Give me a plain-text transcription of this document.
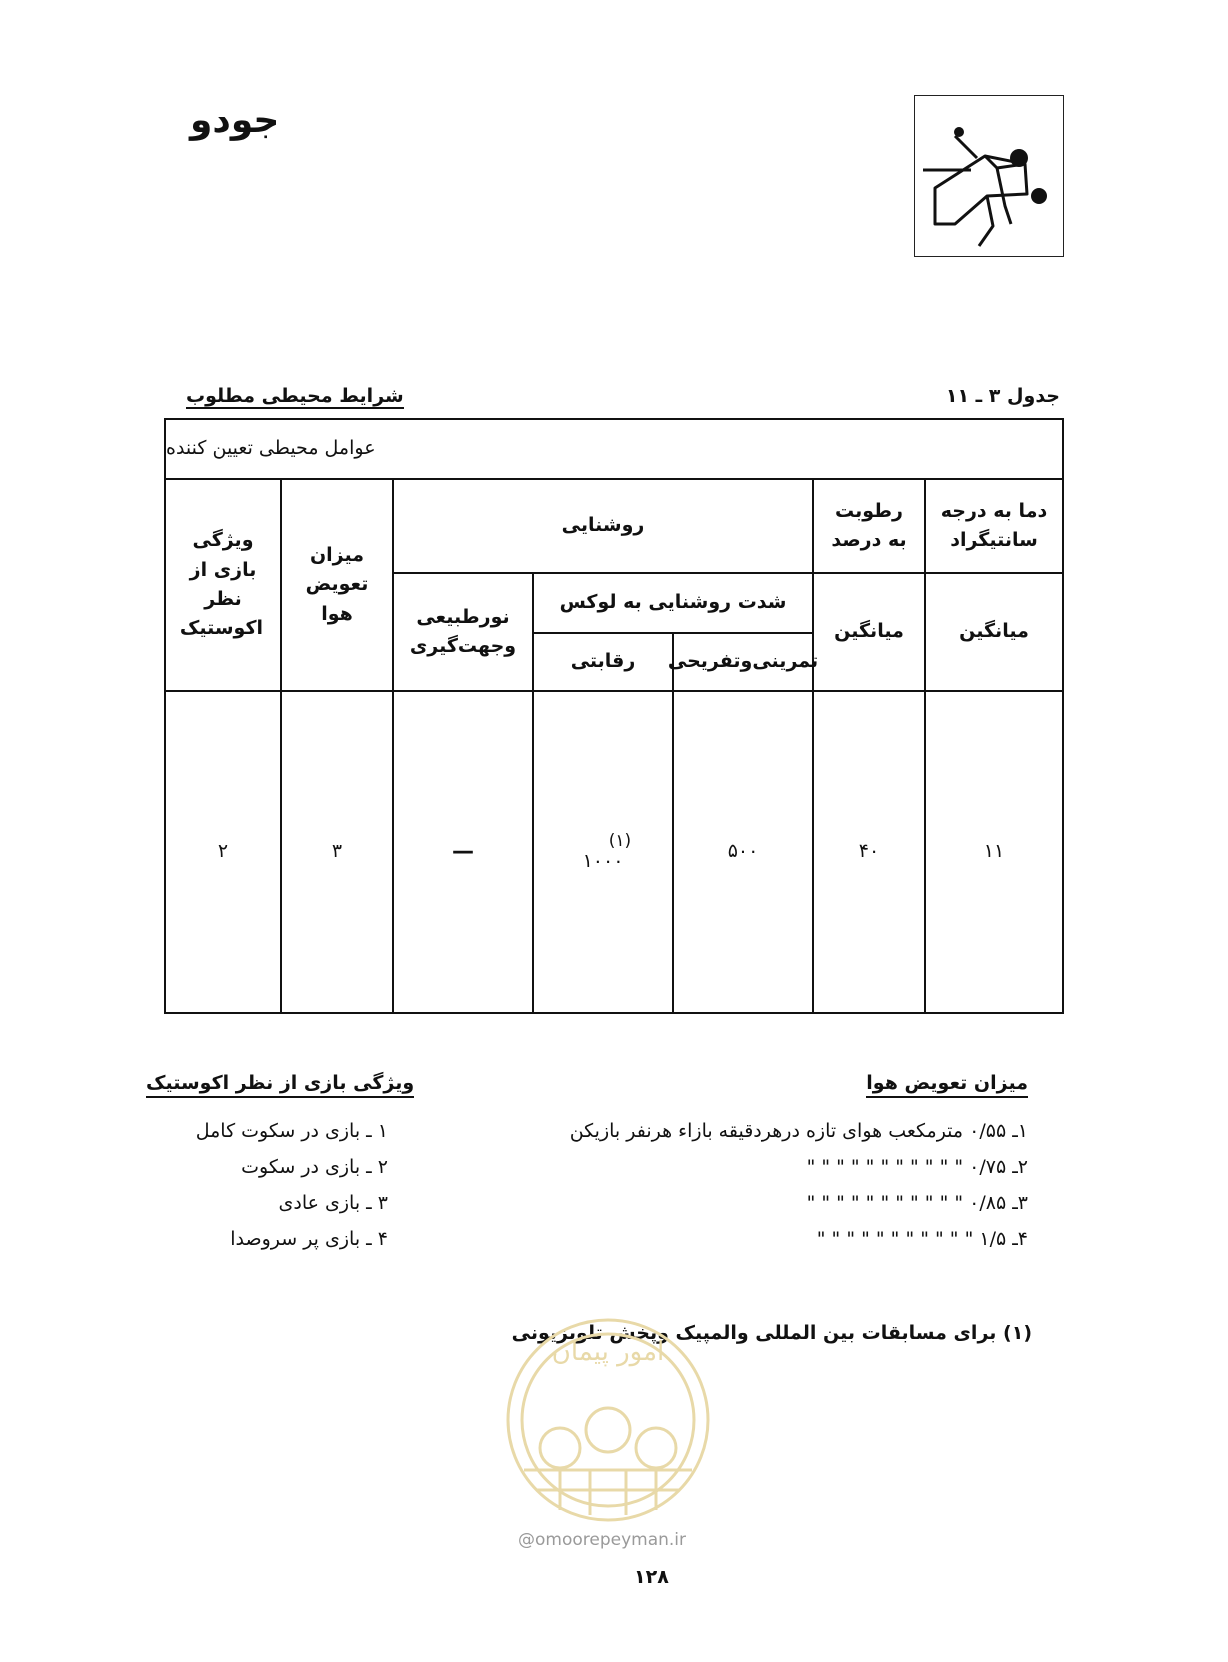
جودو
جدول ۳ ـ ۱۱
شرایط محیطی مطلوب
عوامل محیطی تعیین کننده
دما به درجه سانتیگراد
رطوبت به درصد
روشنایی
میزان تعویض هوا
ویژگی بازی از نظر اکوستیک	میانگین
میانگین
شدت روشنایی به لوکس
نورطبیعی وجهت‌گیری
تمرینی‌وتفریحی
رقابتی
۱۱
۴۰
۵۰۰
(۱)
۱۰۰۰
—
۳
۲
میزان تعویض هوا
۱ـ ۰/۵۵ مترمکعب هوای تازه درهردقیقه بازاء هرنفر بازیکن
۲ـ ۰/۷۵ " " " " " " " " " " "
۳ـ ۰/۸۵ " " " " " " " " " " "
۴ـ ۱/۵ " " " " " " " " " " "
ویژگی بازی از نظر اکوستیک
۱ ـ بازی در سکوت کامل
۲ ـ بازی در سکوت
۳ ـ بازی عادی
۴ ـ بازی پر سروصدا
(۱) برای مسابقات بین المللی والمپیک وپخش تلویزیونی
امور پیمان
@omoorepeyman.ir
۱۲۸
